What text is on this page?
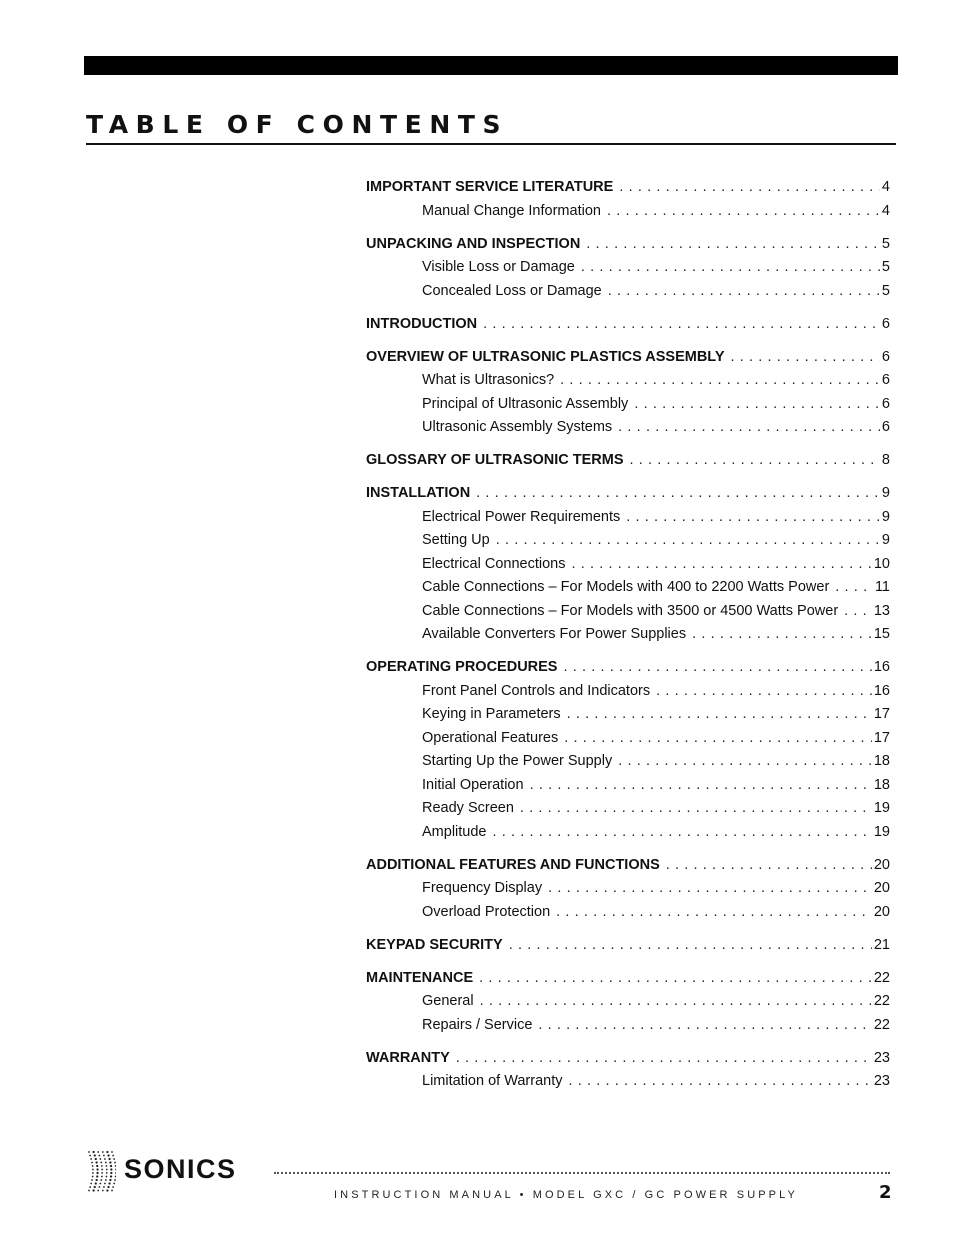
TABLE OF CONTENTS
IMPORTANT SERVICE LITERATURE . . .	4
Manual Change Information . . .	4
UNPACKING AND INSPECTION . . .	5
Visible Loss or Damage . . .	5
Concealed Loss or Damage . . .	5
INTRODUCTION . . .	6
OVERVIEW OF ULTRASONIC PLASTICS ASSEMBLY . . .	6
What is Ultrasonics? . . .	6
Principal of Ultrasonic Assembly . . .	6
Ultrasonic Assembly Systems . . .	6
GLOSSARY OF ULTRASONIC TERMS . . .	8
INSTALLATION . . .	9
Electrical Power Requirements . . .	9
Setting Up . . .	9
Electrical Connections . . .	10
Cable Connections – For Models with 400 to 2200 Watts Power . . .	11
Cable Connections – For Models with 3500 or 4500 Watts Power . . . 13
Available Converters For Power Supplies . . .	15
OPERATING PROCEDURES . . .	16
Front Panel Controls and Indicators . . .	16
Keying in Parameters . . .	17
Operational Features . . .	17
Starting Up the Power Supply . . .	18
Initial Operation . . .	18
Ready Screen . . .	19
Amplitude . . .	19
ADDITIONAL FEATURES AND FUNCTIONS . . .	20
Frequency Display . . .	20
Overload Protection . . .	20
KEYPAD SECURITY . . .	21
MAINTENANCE . . .	22
General . . .	22
Repairs / Service . . .	22
WARRANTY . . .	23
Limitation of Warranty . . .	23
SONICS
INSTRUCTION MANUAL • MODEL GXC / GC POWER SUPPLY	2
